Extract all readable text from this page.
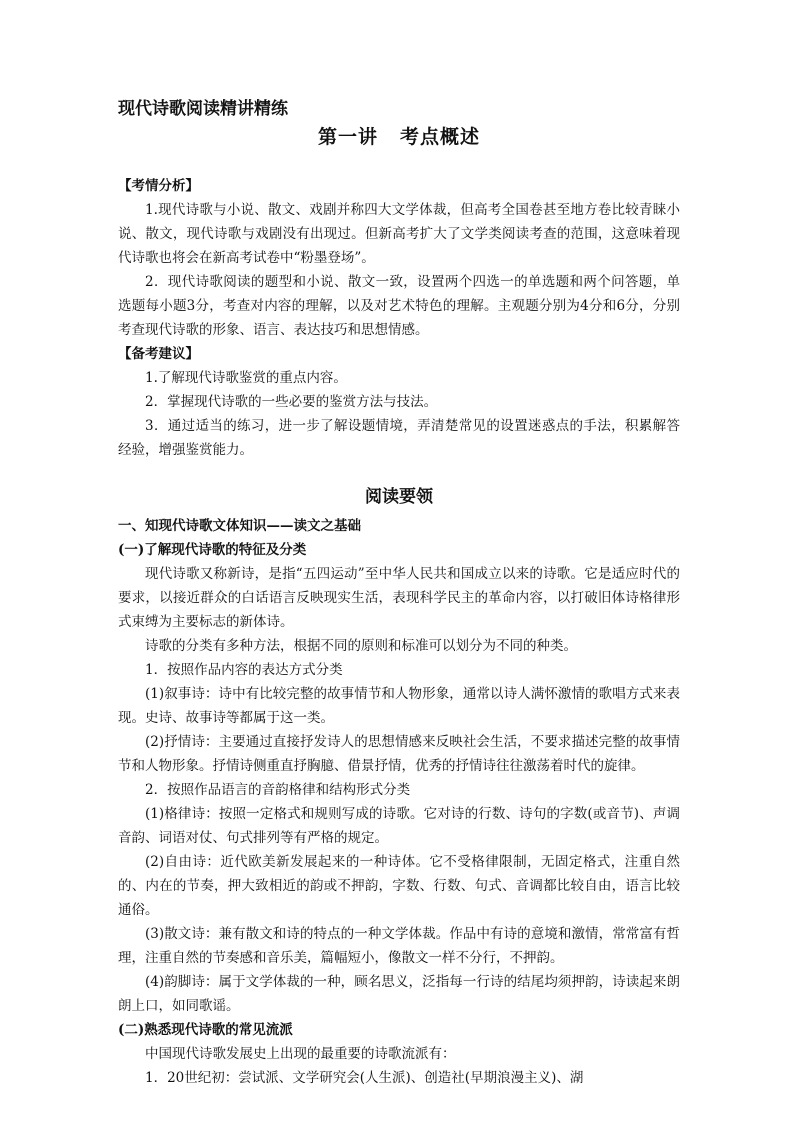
现代诗歌阅读精讲精练
第一讲 考点概述
【考情分析】

1.现代诗歌与小说、散文、戏剧并称四大文学体裁，但高考全国卷甚至地方卷比较青睐小说、散文，现代诗歌与戏剧没有出现过。但新高考扩大了文学类阅读考查的范围，这意味着现代诗歌也将会在新高考试卷中“粉墨登场”。

2．现代诗歌阅读的题型和小说、散文一致，设置两个四选一的单选题和两个问答题，单选题每小题3分，考查对内容的理解，以及对艺术特色的理解。主观题分别为4分和6分，分别考查现代诗歌的形象、语言、表达技巧和思想情感。

【备考建议】

1.了解现代诗歌鉴赏的重点内容。

2．掌握现代诗歌的一些必要的鉴赏方法与技法。

3．通过适当的练习，进一步了解设题情境，弄清楚常见的设置迷惑点的手法，积累解答经验，增强鉴赏能力。

阅读要领
一、知现代诗歌文体知识——读文之基础
(一)了解现代诗歌的特征及分类

现代诗歌又称新诗，是指“五四运动”至中华人民共和国成立以来的诗歌。它是适应时代的要求，以接近群众的白话语言反映现实生活，表现科学民主的革命内容，以打破旧体诗格律形式束缚为主要标志的新体诗。

诗歌的分类有多种方法，根据不同的原则和标准可以划分为不同的种类。

1．按照作品内容的表达方式分类

(1)叙事诗：诗中有比较完整的故事情节和人物形象，通常以诗人满怀激情的歌唱方式来表现。史诗、故事诗等都属于这一类。

(2)抒情诗：主要通过直接抒发诗人的思想情感来反映社会生活，不要求描述完整的故事情节和人物形象。抒情诗侧重直抒胸臆、借景抒情，优秀的抒情诗往往激荡着时代的旋律。

2．按照作品语言的音韵格律和结构形式分类

(1)格律诗：按照一定格式和规则写成的诗歌。它对诗的行数、诗句的字数(或音节)、声调音韵、词语对仗、句式排列等有严格的规定。

(2)自由诗：近代欧美新发展起来的一种诗体。它不受格律限制，无固定格式，注重自然的、内在的节奏，押大致相近的韵或不押韵，字数、行数、句式、音调都比较自由，语言比较通俗。

(3)散文诗：兼有散文和诗的特点的一种文学体裁。作品中有诗的意境和激情，常常富有哲理，注重自然的节奏感和音乐美，篇幅短小，像散文一样不分行，不押韵。

(4)韵脚诗：属于文学体裁的一种，顾名思义，泛指每一行诗的结尾均须押韵，诗读起来朗朗上口，如同歌谣。

(二)熟悉现代诗歌的常见流派

中国现代诗歌发展史上出现的最重要的诗歌流派有：

1．20世纪初：尝试派、文学研究会(人生派)、创造社(早期浪漫主义)、湖
